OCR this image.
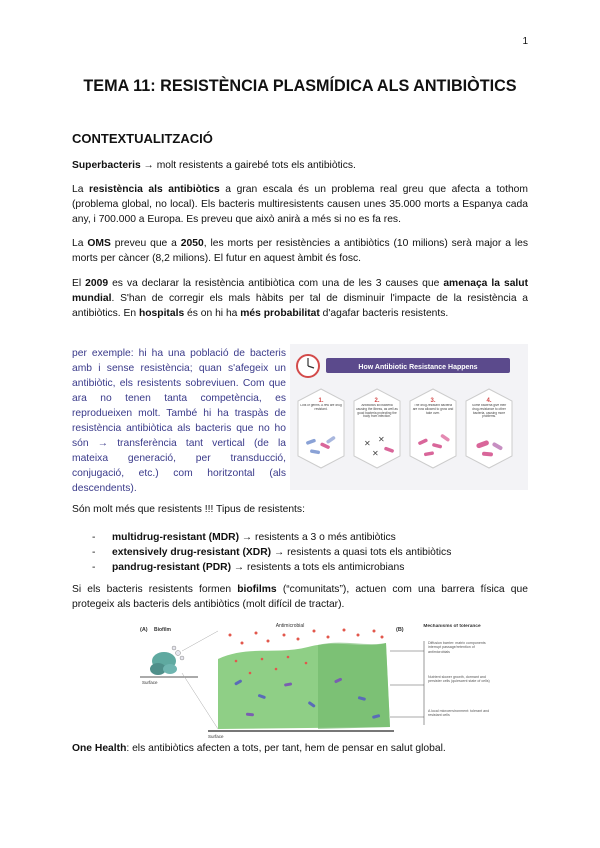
1
TEMA 11: RESISTÈNCIA PLASMÍDICA ALS ANTIBIÒTICS
CONTEXTUALITZACIÓ

Superbacteris → molt resistents a gairebé tots els antibiòtics.

La resistència als antibiòtics a gran escala és un problema real greu que afecta a tothom (problema global, no local). Els bacteris multiresistents causen unes 35.000 morts a Espanya cada any, i 700.000 a Europa. Es preveu que això anirà a més si no es fa res.

La OMS preveu que a 2050, les morts per resistències a antibiòtics (10 milions) serà major a les morts per càncer (8,2 milions). El futur en aquest àmbit és fosc.

El 2009 es va declarar la resistència antibiòtica com una de les 3 causes que amenaça la salut mundial. S'han de corregir els mals hàbits per tal de disminuir l'impacte de la resistència a antibiòtics. En hospitals és on hi ha més probabilitat d'agafar bacteris resistents.

per exemple: hi ha una població de bacteris amb i sense resistència; quan s'afegeix un antibiòtic, els resistents sobreviuen. Com que ara no tenen tanta competència, es reprodueixen molt. També hi ha traspàs de resistència antibiòtica als bacteris que no ho són → transferència tant vertical (de la mateixa generació, per transducció, conjugació, etc.) com horitzontal (als descendents).

How Antibiotic Resistance Happens
1.	2.	3.	4.
Lots of germs. A few are drug resistant.
Antibiotics kill bacteria causing the illness, as well as good bacteria protecting the body from infection.
The drug-resistant bacteria are now allowed to grow and take over.
Some bacteria give their drug-resistance to other bacteria, causing more problems.
✕ ✕
✕

Són molt més que resistents !!! Tipus de resistents:

- multidrug-resistant (MDR) → resistents a 3 o més antibiòtics
- extensively drug-resistant (XDR) → resistents a quasi tots els antibiòtics
- pandrug-resistant (PDR) → resistents a tots els antimicrobians

Si els bacteris resistents formen biofilms (“comunitats”), actuen com una barrera física que protegeix als bacteris dels antibiòtics (molt difícil de tractar).

(A) Biofilm
Surface
Antimicrobial
Surface
(B)
Mechanisms of tolerance
Diffusion barrier: matrix components interrupt passage/retention of antimicrobials
Nutrient slower growth, dormant and persister cells (quiescent state of cells)
A local microenvironment: tolerant and resistant cells

One Health: els antibiòtics afecten a tots, per tant, hem de pensar en salut global.
